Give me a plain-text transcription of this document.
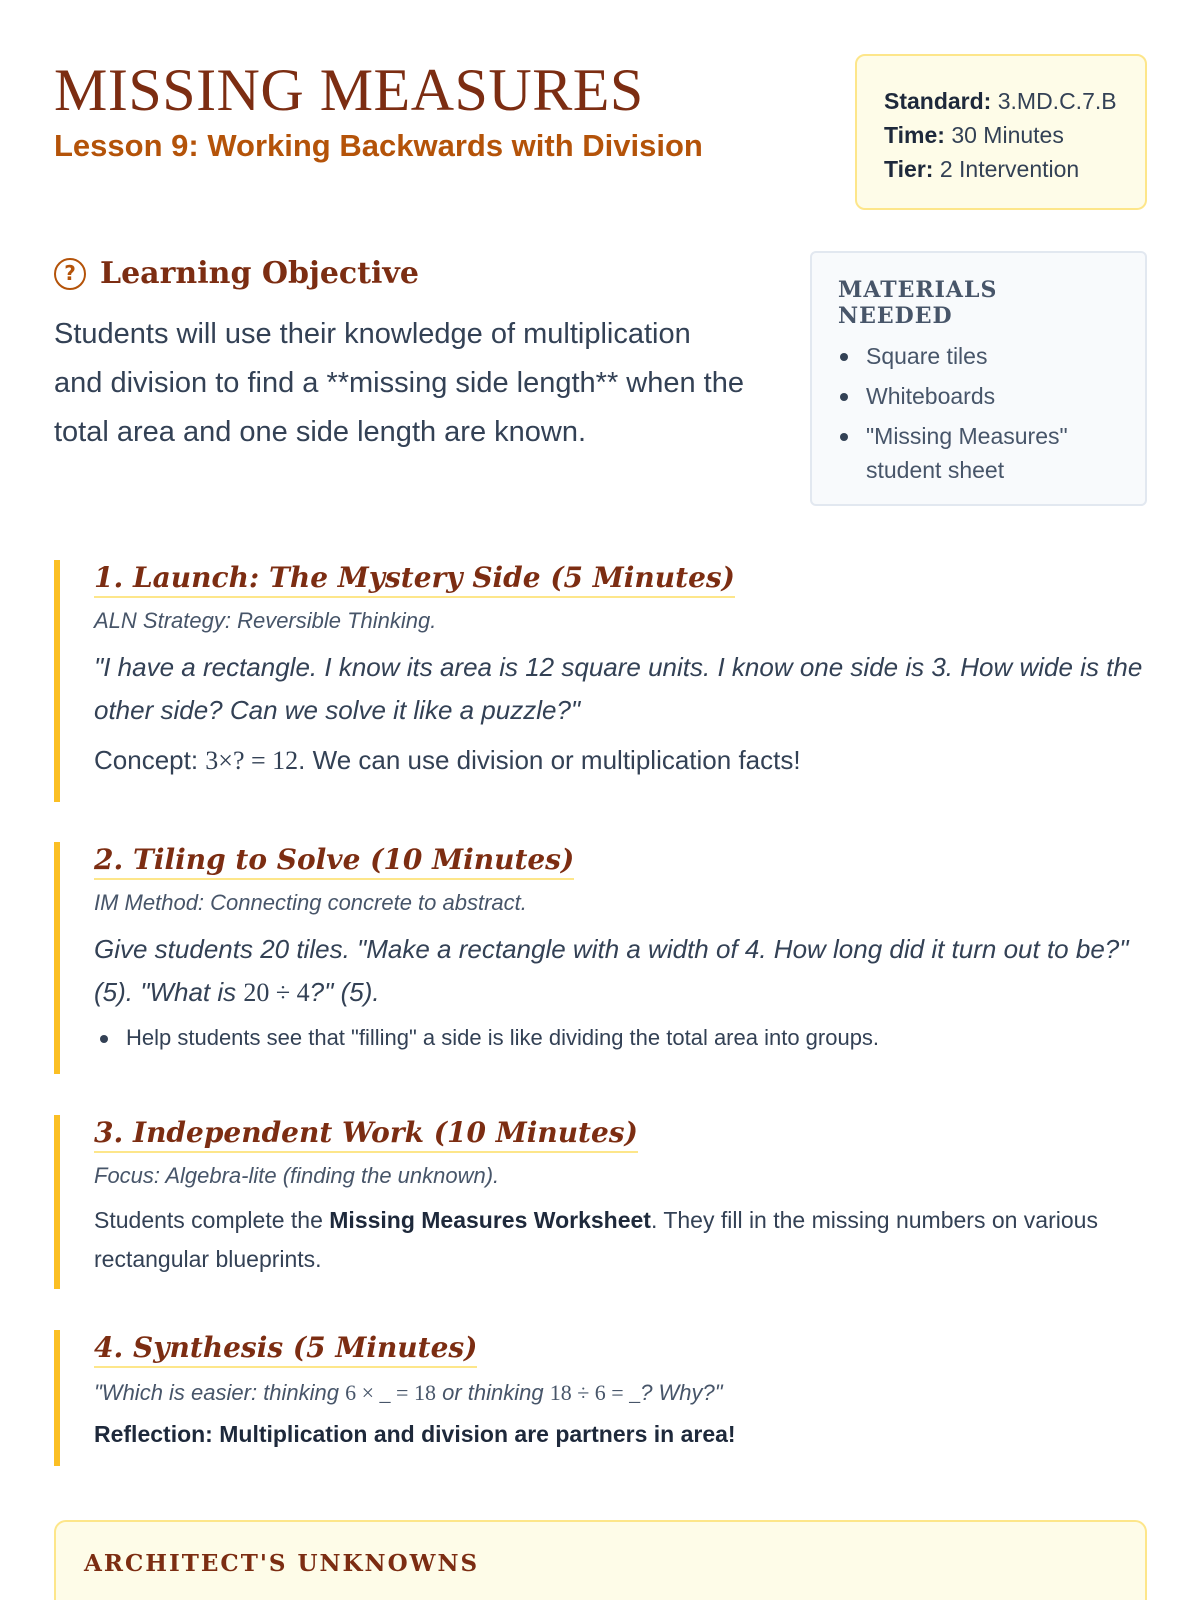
MISSING MEASURES
Lesson 9: Working Backwards with Division
Standard: 3.MD.C.7.B
Time: 30 Minutes
Tier: 2 Intervention
? Learning Objective
Students will use their knowledge of multiplication and division to find a **missing side length** when the total area and one side length are known.
MATERIALS NEEDED
Square tiles
Whiteboards
"Missing Measures" student sheet
1. Launch: The Mystery Side (5 Minutes)
ALN Strategy: Reversible Thinking.
"I have a rectangle. I know its area is 12 square units. I know one side is 3. How wide is the other side? Can we solve it like a puzzle?"
Concept: 3×? = 12. We can use division or multiplication facts!
2. Tiling to Solve (10 Minutes)
IM Method: Connecting concrete to abstract.
Give students 20 tiles. "Make a rectangle with a width of 4. How long did it turn out to be?" (5). "What is 20 ÷ 4?" (5).
Help students see that "filling" a side is like dividing the total area into groups.
3. Independent Work (10 Minutes)
Focus: Algebra-lite (finding the unknown).
Students complete the Missing Measures Worksheet. They fill in the missing numbers on various rectangular blueprints.
4. Synthesis (5 Minutes)
"Which is easier: thinking 6 × _ = 18 or thinking 18 ÷ 6 = _? Why?"
Reflection: Multiplication and division are partners in area!
ARCHITECT'S UNKNOWNS
